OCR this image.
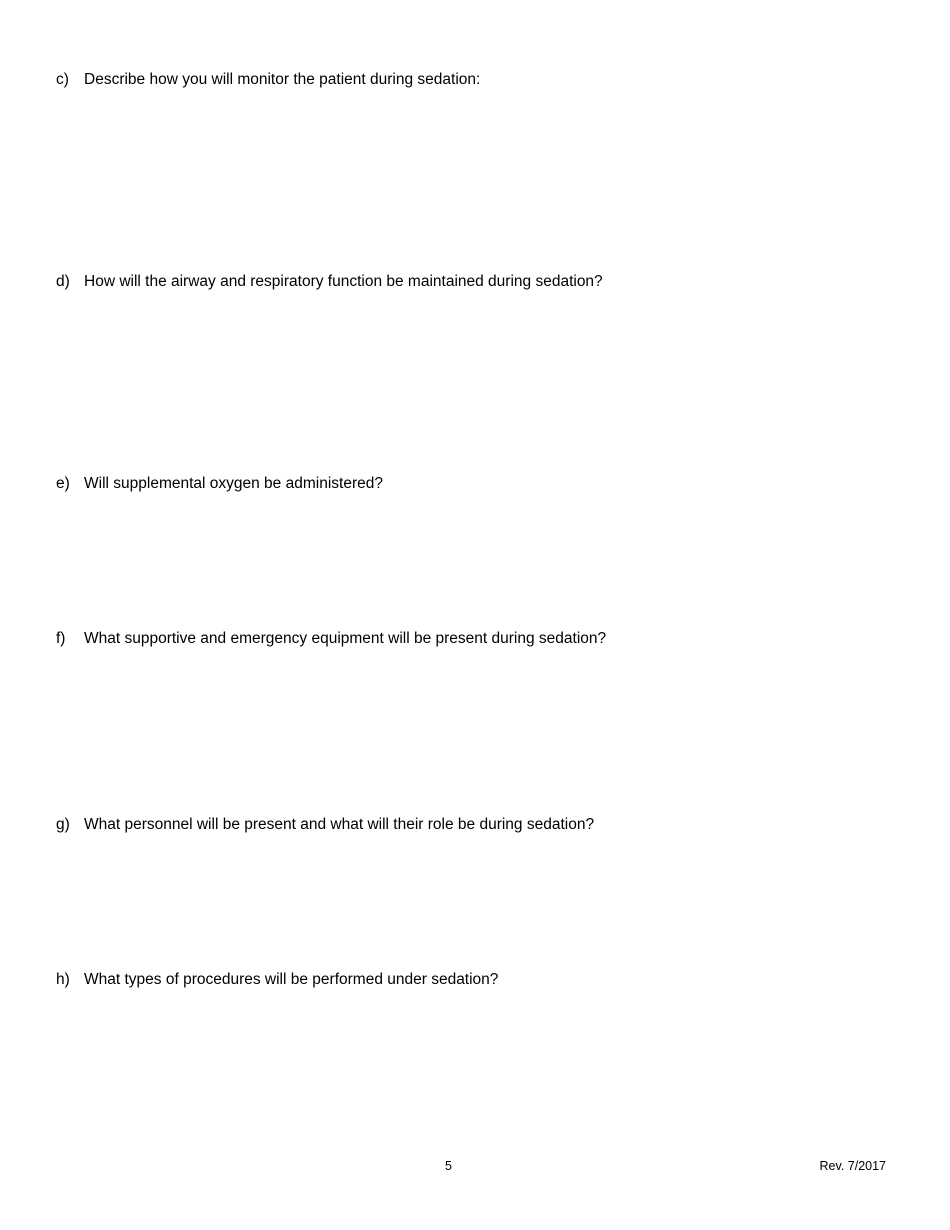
c) Describe how you will monitor the patient during sedation:
d) How will the airway and respiratory function be maintained during sedation?
e) Will supplemental oxygen be administered?
f) What supportive and emergency equipment will be present during sedation?
g) What personnel will be present and what will their role be during sedation?
h) What types of procedures will be performed under sedation?
5	Rev. 7/2017
